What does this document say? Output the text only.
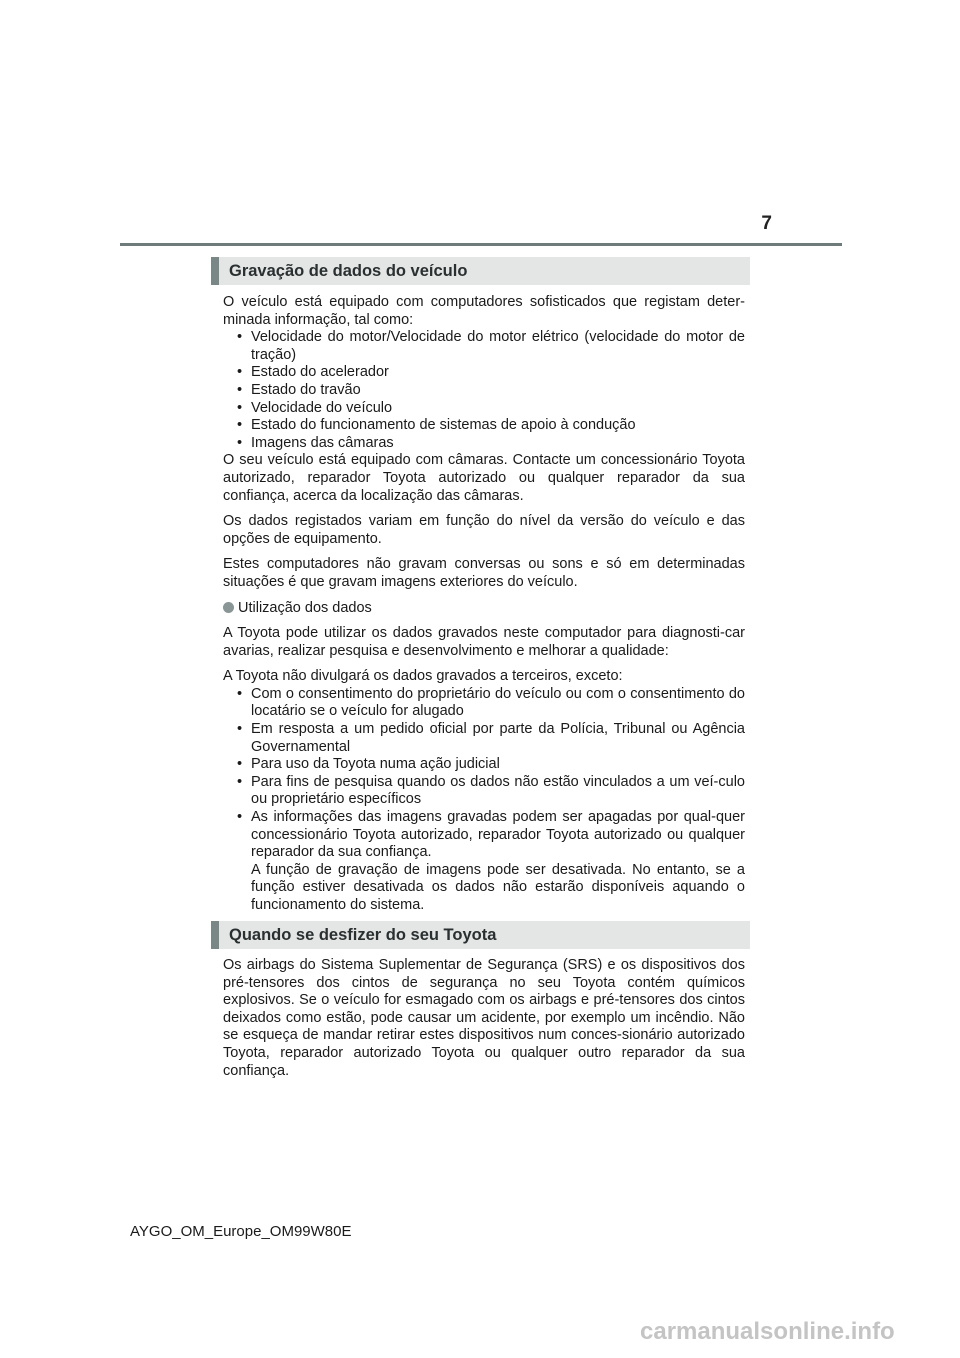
7
Gravação de dados do veículo

O veículo está equipado com computadores sofisticados que registam deter-minada informação, tal como:

• Velocidade do motor/Velocidade do motor elétrico (velocidade do motor de tração)
• Estado do acelerador
• Estado do travão
• Velocidade do veículo
• Estado do funcionamento de sistemas de apoio à condução
• Imagens das câmaras

O seu veículo está equipado com câmaras. Contacte um concessionário Toyota autorizado, reparador Toyota autorizado ou qualquer reparador da sua confiança, acerca da localização das câmaras.

Os dados registados variam em função do nível da versão do veículo e das opções de equipamento.

Estes computadores não gravam conversas ou sons e só em determinadas situações é que gravam imagens exteriores do veículo.

Utilização dos dados

A Toyota pode utilizar os dados gravados neste computador para diagnosti-car avarias, realizar pesquisa e desenvolvimento e melhorar a qualidade:

A Toyota não divulgará os dados gravados a terceiros, exceto:

• Com o consentimento do proprietário do veículo ou com o consentimento do locatário se o veículo for alugado
• Em resposta a um pedido oficial por parte da Polícia, Tribunal ou Agência Governamental
• Para uso da Toyota numa ação judicial
• Para fins de pesquisa quando os dados não estão vinculados a um veí-culo ou proprietário específicos
• As informações das imagens gravadas podem ser apagadas por qual-quer concessionário Toyota autorizado, reparador Toyota autorizado ou qualquer reparador da sua confiança.
A função de gravação de imagens pode ser desativada. No entanto, se a função estiver desativada os dados não estarão disponíveis aquando o funcionamento do sistema.
Quando se desfizer do seu Toyota

Os airbags do Sistema Suplementar de Segurança (SRS) e os dispositivos dos pré-tensores dos cintos de segurança no seu Toyota contém químicos explosivos. Se o veículo for esmagado com os airbags e pré-tensores dos cintos deixados como estão, pode causar um acidente, por exemplo um incêndio. Não se esqueça de mandar retirar estes dispositivos num conces-sionário autorizado Toyota, reparador autorizado Toyota ou qualquer outro reparador da sua confiança.

AYGO_OM_Europe_OM99W80E
carmanualsonline.info
